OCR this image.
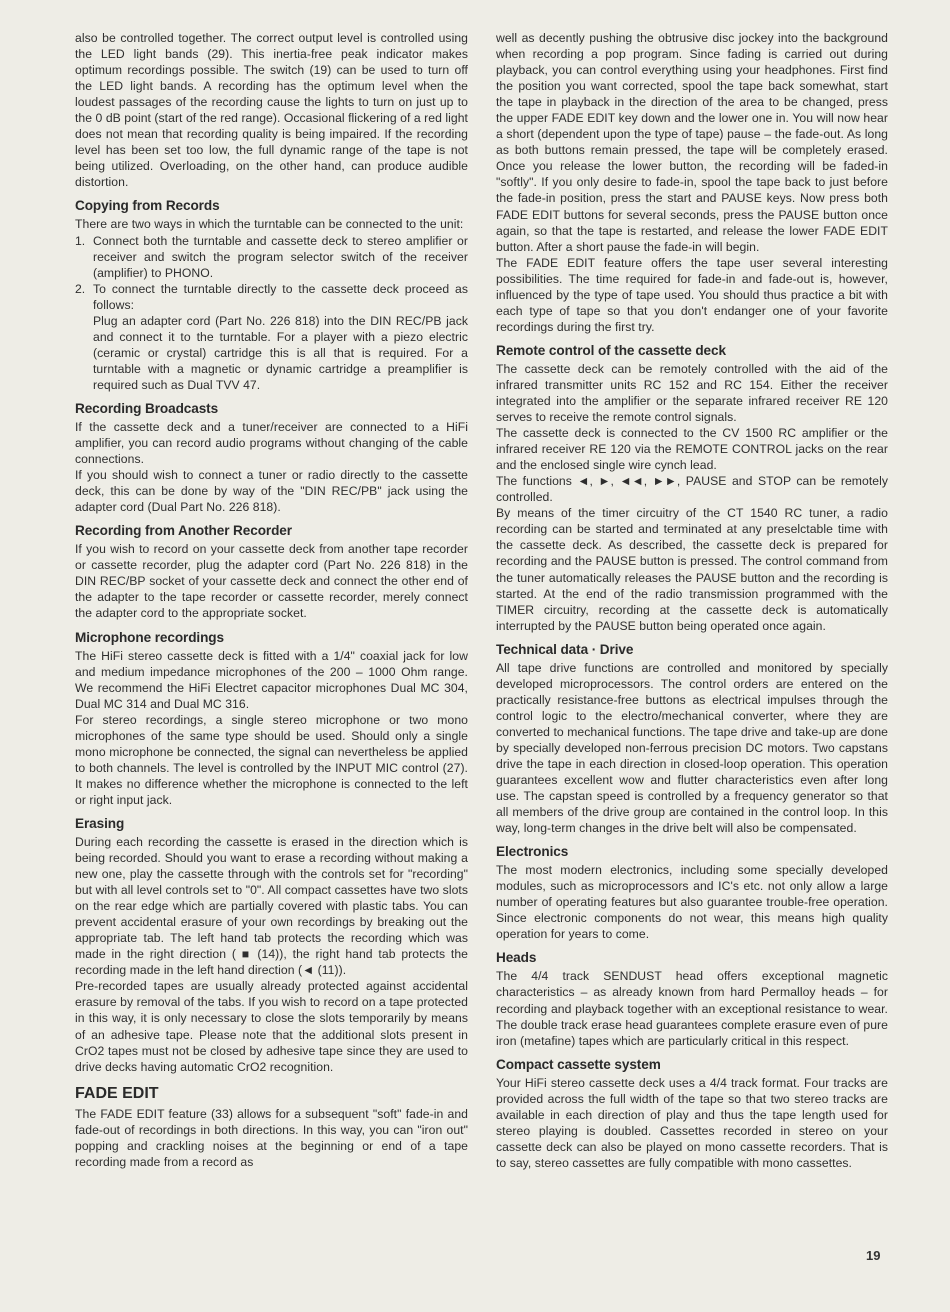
also be controlled together. The correct output level is controlled using the LED light bands (29). This inertia-free peak indicator makes optimum recordings possible. The switch (19) can be used to turn off the LED light bands. A recording has the optimum level when the loudest passages of the recording cause the lights to turn on just up to the 0 dB point (start of the red range). Occasional flickering of a red light does not mean that recording quality is being impaired. If the recording level has been set too low, the full dynamic range of the tape is not being utilized. Overloading, on the other hand, can produce audible distortion.

Copying from Records

There are two ways in which the turntable can be connected to the unit:

1. Connect both the turntable and cassette deck to stereo amplifier or receiver and switch the program selector switch of the receiver (amplifier) to PHONO.

2. To connect the turntable directly to the cassette deck proceed as follows:

Plug an adapter cord (Part No. 226 818) into the DIN REC/PB jack and connect it to the turntable. For a player with a piezo electric (ceramic or crystal) cartridge this is all that is required. For a turntable with a magnetic or dynamic cartridge a preamplifier is required such as Dual TVV 47.

Recording Broadcasts

If the cassette deck and a tuner/receiver are connected to a HiFi amplifier, you can record audio programs without changing of the cable connections.

If you should wish to connect a tuner or radio directly to the cassette deck, this can be done by way of the "DIN REC/PB" jack using the adapter cord (Dual Part No. 226 818).

Recording from Another Recorder

If you wish to record on your cassette deck from another tape recorder or cassette recorder, plug the adapter cord (Part No. 226 818) in the DIN REC/BP socket of your cassette deck and connect the other end of the adapter to the tape recorder or cassette recorder, merely connect the adapter cord to the appropriate socket.

Microphone recordings

The HiFi stereo cassette deck is fitted with a 1/4" coaxial jack for low and medium impedance microphones of the 200 – 1000 Ohm range. We recommend the HiFi Electret capacitor microphones Dual MC 304, Dual MC 314 and Dual MC 316.

For stereo recordings, a single stereo microphone or two mono microphones of the same type should be used. Should only a single mono microphone be connected, the signal can nevertheless be applied to both channels. The level is controlled by the INPUT MIC control (27). It makes no difference whether the microphone is connected to the left or right input jack.

Erasing

During each recording the cassette is erased in the direction which is being recorded. Should you want to erase a recording without making a new one, play the cassette through with the controls set for "recording" but with all level controls set to "0". All compact cassettes have two slots on the rear edge which are partially covered with plastic tabs. You can prevent accidental erasure of your own recordings by breaking out the appropriate tab. The left hand tab protects the recording which was made in the right direction ( ■ (14)), the right hand tab protects the recording made in the left hand direction (◄ (11)).

Pre-recorded tapes are usually already protected against accidental erasure by removal of the tabs. If you wish to record on a tape protected in this way, it is only necessary to close the slots temporarily by means of an adhesive tape. Please note that the additional slots present in CrO2 tapes must not be closed by adhesive tape since they are used to drive decks having automatic CrO2 recognition.

FADE EDIT

The FADE EDIT feature (33) allows for a subsequent "soft" fade-in and fade-out of recordings in both directions. In this way, you can "iron out" popping and crackling noises at the beginning or end of a tape recording made from a record as

well as decently pushing the obtrusive disc jockey into the background when recording a pop program. Since fading is carried out during playback, you can control everything using your headphones. First find the position you want corrected, spool the tape back somewhat, start the tape in playback in the direction of the area to be changed, press the upper FADE EDIT key down and the lower one in. You will now hear a short (dependent upon the type of tape) pause – the fade-out. As long as both buttons remain pressed, the tape will be completely erased. Once you release the lower button, the recording will be faded-in "softly". If you only desire to fade-in, spool the tape back to just before the fade-in position, press the start and PAUSE keys. Now press both FADE EDIT buttons for several seconds, press the PAUSE button once again, so that the tape is restarted, and release the lower FADE EDIT button. After a short pause the fade-in will begin.

The FADE EDIT feature offers the tape user several interesting possibilities. The time required for fade-in and fade-out is, however, influenced by the type of tape used. You should thus practice a bit with each type of tape so that you don't endanger one of your favorite recordings during the first try.

Remote control of the cassette deck

The cassette deck can be remotely controlled with the aid of the infrared transmitter units RC 152 and RC 154. Either the receiver integrated into the amplifier or the separate infrared receiver RE 120 serves to receive the remote control signals.

The cassette deck is connected to the CV 1500 RC amplifier or the infrared receiver RE 120 via the REMOTE CONTROL jacks on the rear and the enclosed single wire cynch lead.

The functions ◄, ►, ◄◄, ►►, PAUSE and STOP can be remotely controlled.

By means of the timer circuitry of the CT 1540 RC tuner, a radio recording can be started and terminated at any preselctable time with the cassette deck. As described, the cassette deck is prepared for recording and the PAUSE button is pressed. The control command from the tuner automatically releases the PAUSE button and the recording is started. At the end of the radio transmission programmed with the TIMER circuitry, recording at the cassette deck is automatically interrupted by the PAUSE button being operated once again.

Technical data · Drive

All tape drive functions are controlled and monitored by specially developed microprocessors. The control orders are entered on the practically resistance-free buttons as electrical impulses through the control logic to the electro/mechanical converter, where they are converted to mechanical functions. The tape drive and take-up are done by specially developed non-ferrous precision DC motors. Two capstans drive the tape in each direction in closed-loop operation. This operation guarantees excellent wow and flutter characteristics even after long use. The capstan speed is controlled by a frequency generator so that all members of the drive group are contained in the control loop. In this way, long-term changes in the drive belt will also be compensated.

Electronics

The most modern electronics, including some specially developed modules, such as microprocessors and IC's etc. not only allow a large number of operating features but also guarantee trouble-free operation. Since electronic components do not wear, this means high quality operation for years to come.

Heads

The 4/4 track SENDUST head offers exceptional magnetic characteristics – as already known from hard Permalloy heads – for recording and playback together with an exceptional resistance to wear. The double track erase head guarantees complete erasure even of pure iron (metafine) tapes which are particularly critical in this respect.

Compact cassette system

Your HiFi stereo cassette deck uses a 4/4 track format. Four tracks are provided across the full width of the tape so that two stereo tracks are available in each direction of play and thus the tape length used for stereo playing is doubled. Cassettes recorded in stereo on your cassette deck can also be played on mono cassette recorders. That is to say, stereo cassettes are fully compatible with mono cassettes.

19
